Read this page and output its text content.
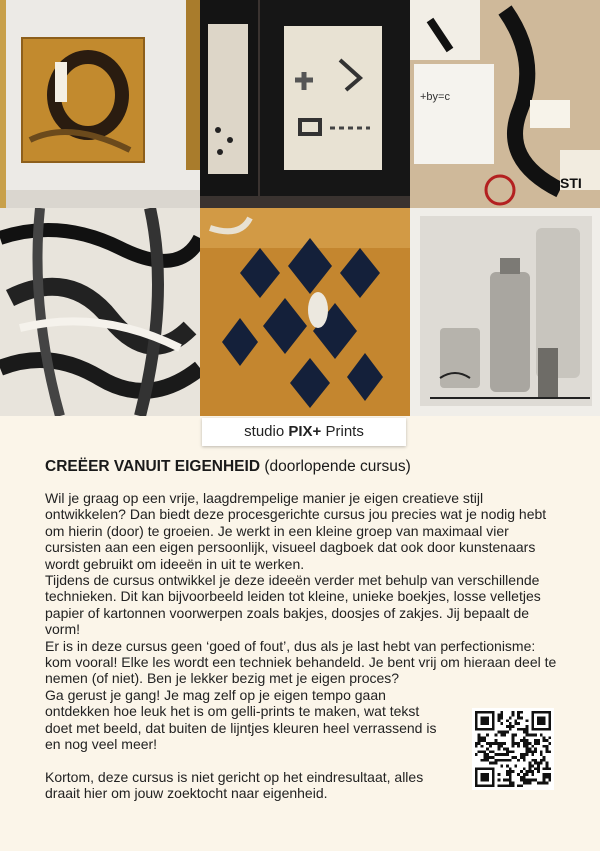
+by=c
STI
studio PIX+ Prints
CREËER VANUIT EIGENHEID (doorlopende cursus)

Wil je graag op een vrije, laagdrempelige manier je eigen creatieve stijl ontwikkelen? Dan biedt deze procesgerichte cursus jou precies wat je nodig hebt om hierin (door) te groeien. Je werkt in een kleine groep van maximaal vier cursisten aan een eigen persoonlijk, visueel dagboek dat ook door kunstenaars wordt gebruikt om ideeën in uit te werken.

Tijdens de cursus ontwikkel je deze ideeën verder met behulp van verschillende technieken. Dit kan bijvoorbeeld leiden tot kleine, unieke boekjes, losse velletjes papier of kartonnen voorwerpen zoals bakjes, doosjes of zakjes. Jij bepaalt de vorm!

Er is in deze cursus geen ‘goed of fout’, dus als je last hebt van perfectionisme: kom vooral! Elke les wordt een techniek behandeld. Je bent vrij om hieraan deel te nemen (of niet). Ben je lekker bezig met je eigen proces?

Ga gerust je gang! Je mag zelf op je eigen tempo gaan ontdekken hoe leuk het is om gelli-prints te maken, wat tekst doet met beeld, dat buiten de lijntjes kleuren heel verrassend is en nog veel meer!

Kortom, deze cursus is niet gericht op het eindresultaat, alles draait hier om jouw zoektocht naar eigenheid.
